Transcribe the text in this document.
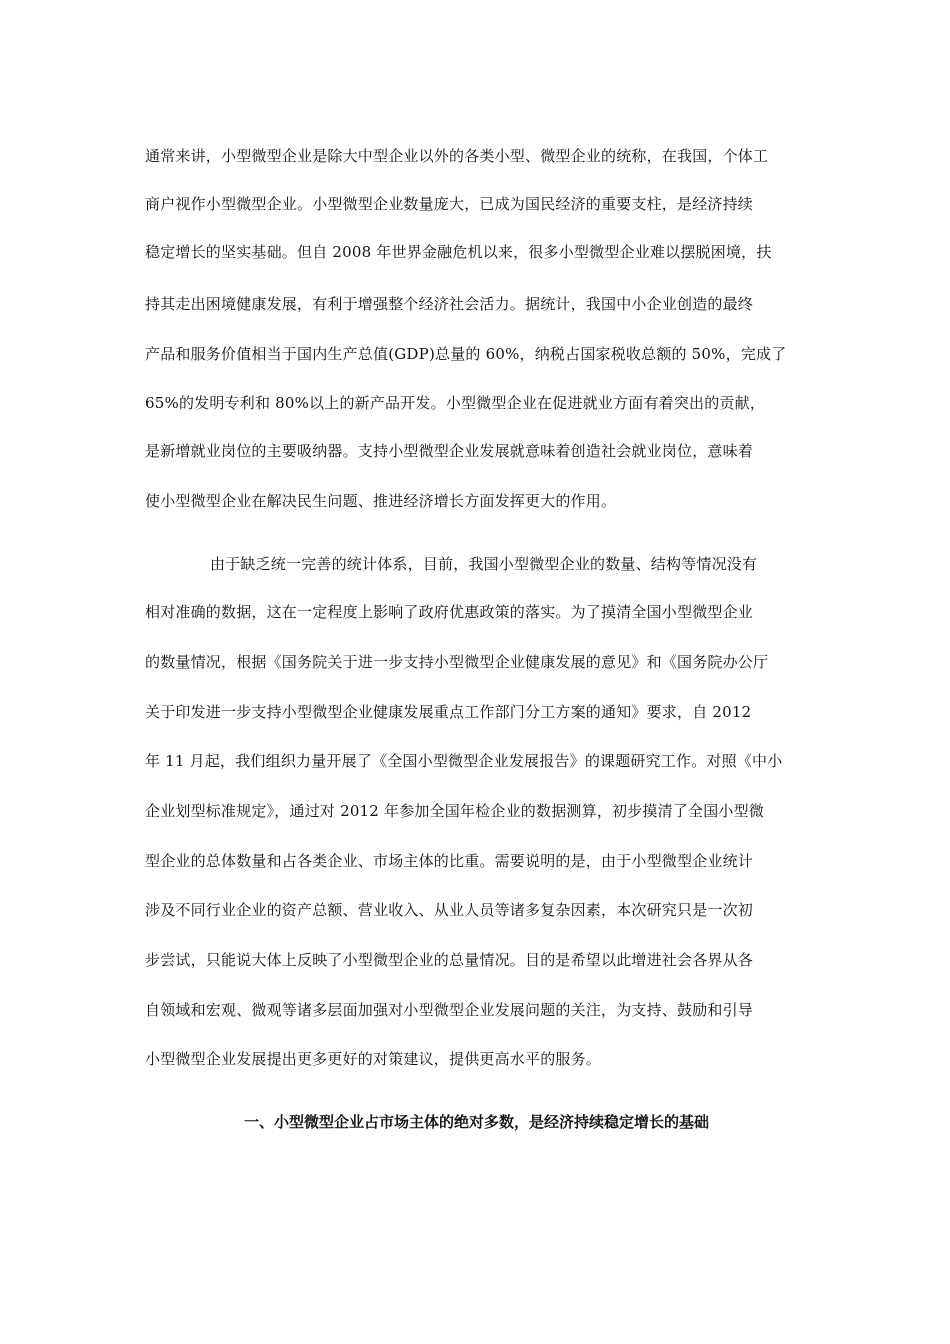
通常来讲，小型微型企业是除大中型企业以外的各类小型、微型企业的统称，在我国，个体工
商户视作小型微型企业。小型微型企业数量庞大，已成为国民经济的重要支柱，是经济持续
稳定增长的坚实基础。但自 2008 年世界金融危机以来，很多小型微型企业难以摆脱困境，扶
持其走出困境健康发展，有利于增强整个经济社会活力。据统计，我国中小企业创造的最终
产品和服务价值相当于国内生产总值(GDP)总量的 60%，纳税占国家税收总额的 50%，完成了
65%的发明专利和 80%以上的新产品开发。小型微型企业在促进就业方面有着突出的贡献，
是新增就业岗位的主要吸纳器。支持小型微型企业发展就意味着创造社会就业岗位，意味着
使小型微型企业在解决民生问题、推进经济增长方面发挥更大的作用。
由于缺乏统一完善的统计体系，目前，我国小型微型企业的数量、结构等情况没有
相对准确的数据，这在一定程度上影响了政府优惠政策的落实。为了摸清全国小型微型企业
的数量情况，根据《国务院关于进一步支持小型微型企业健康发展的意见》和《国务院办公厅
关于印发进一步支持小型微型企业健康发展重点工作部门分工方案的通知》要求，自 2012
年 11 月起，我们组织力量开展了《全国小型微型企业发展报告》的课题研究工作。对照《中小
企业划型标准规定》，通过对 2012 年参加全国年检企业的数据测算，初步摸清了全国小型微
型企业的总体数量和占各类企业、市场主体的比重。需要说明的是，由于小型微型企业统计
涉及不同行业企业的资产总额、营业收入、从业人员等诸多复杂因素，本次研究只是一次初
步尝试，只能说大体上反映了小型微型企业的总量情况。目的是希望以此增进社会各界从各
自领域和宏观、微观等诸多层面加强对小型微型企业发展问题的关注，为支持、鼓励和引导
小型微型企业发展提出更多更好的对策建议，提供更高水平的服务。
一、小型微型企业占市场主体的绝对多数，是经济持续稳定增长的基础
